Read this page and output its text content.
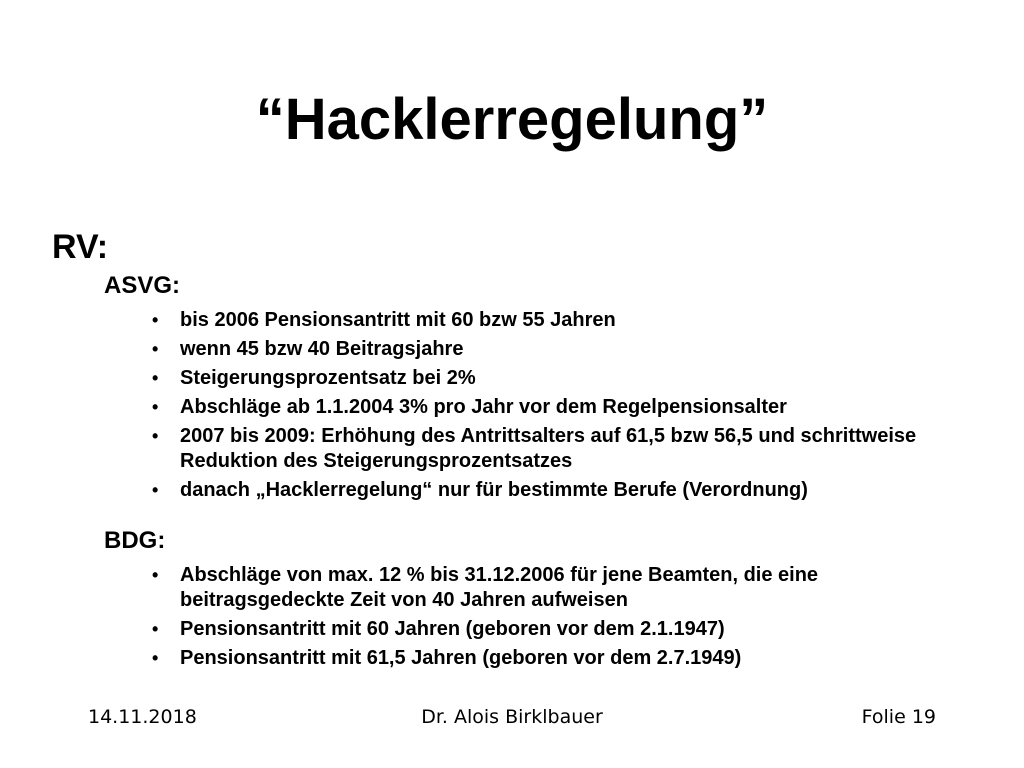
“Hacklerregelung”
RV:
ASVG:
• bis 2006 Pensionsantritt mit 60 bzw 55 Jahren
• wenn 45 bzw 40 Beitragsjahre
• Steigerungsprozentsatz bei 2%
• Abschläge ab 1.1.2004 3% pro Jahr vor dem Regelpensionsalter
• 2007 bis 2009: Erhöhung des Antrittsalters auf 61,5 bzw 56,5 und schrittweise Reduktion des Steigerungsprozentsatzes
• danach „Hacklerregelung“ nur für bestimmte Berufe (Verordnung)
BDG:
• Abschläge von max. 12 % bis 31.12.2006 für jene Beamten, die eine beitragsgedeckte Zeit von 40 Jahren aufweisen
• Pensionsantritt mit 60 Jahren (geboren vor dem 2.1.1947)
• Pensionsantritt mit 61,5 Jahren (geboren vor dem 2.7.1949)
14.11.2018	Dr. Alois Birklbauer	Folie 19
